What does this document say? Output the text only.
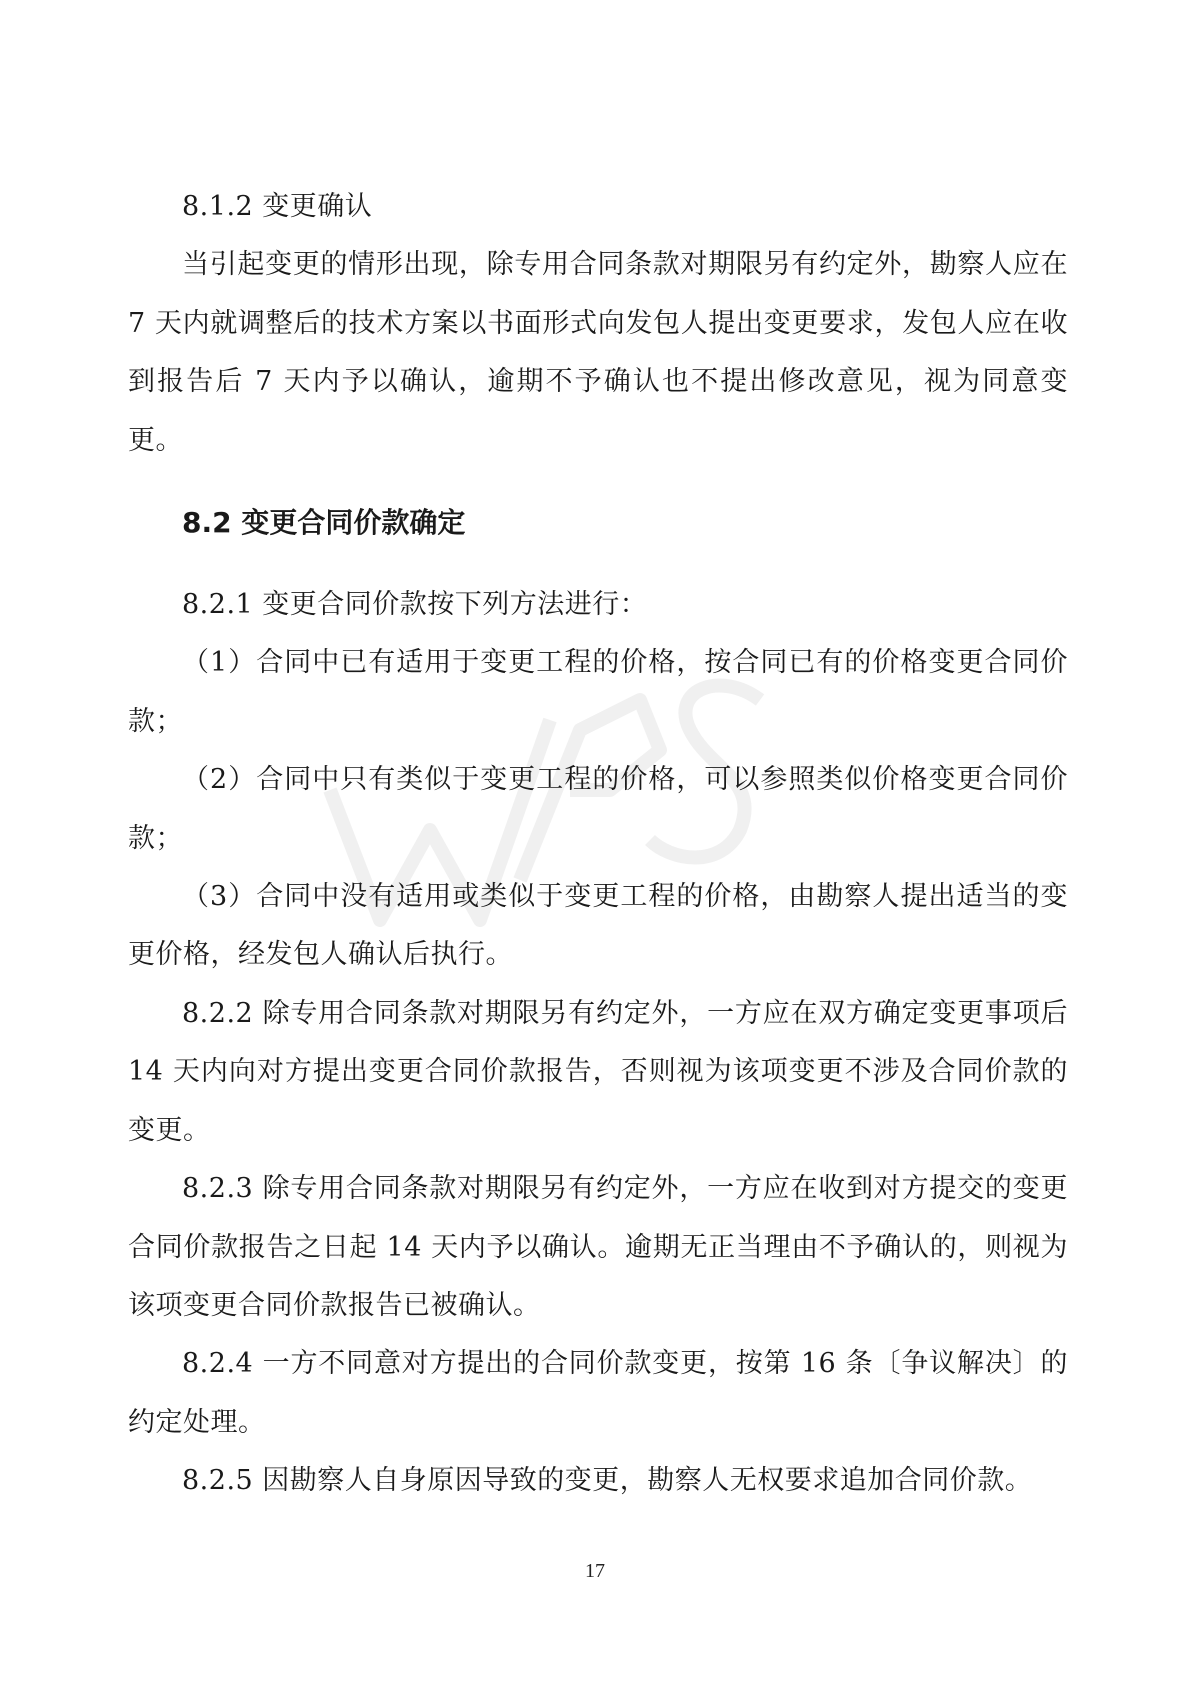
8.1.2 变更确认

当引起变更的情形出现，除专用合同条款对期限另有约定外，勘察人应在 7 天内就调整后的技术方案以书面形式向发包人提出变更要求，发包人应在收到报告后 7 天内予以确认，逾期不予确认也不提出修改意见，视为同意变更。

8.2 变更合同价款确定

8.2.1 变更合同价款按下列方法进行：

（1）合同中已有适用于变更工程的价格，按合同已有的价格变更合同价款；

（2）合同中只有类似于变更工程的价格，可以参照类似价格变更合同价款；

（3）合同中没有适用或类似于变更工程的价格，由勘察人提出适当的变更价格，经发包人确认后执行。

8.2.2 除专用合同条款对期限另有约定外，一方应在双方确定变更事项后 14 天内向对方提出变更合同价款报告，否则视为该项变更不涉及合同价款的变更。

8.2.3 除专用合同条款对期限另有约定外，一方应在收到对方提交的变更合同价款报告之日起 14 天内予以确认。逾期无正当理由不予确认的，则视为该项变更合同价款报告已被确认。

8.2.4 一方不同意对方提出的合同价款变更，按第 16 条〔争议解决〕的约定处理。

8.2.5 因勘察人自身原因导致的变更，勘察人无权要求追加合同价款。

17
